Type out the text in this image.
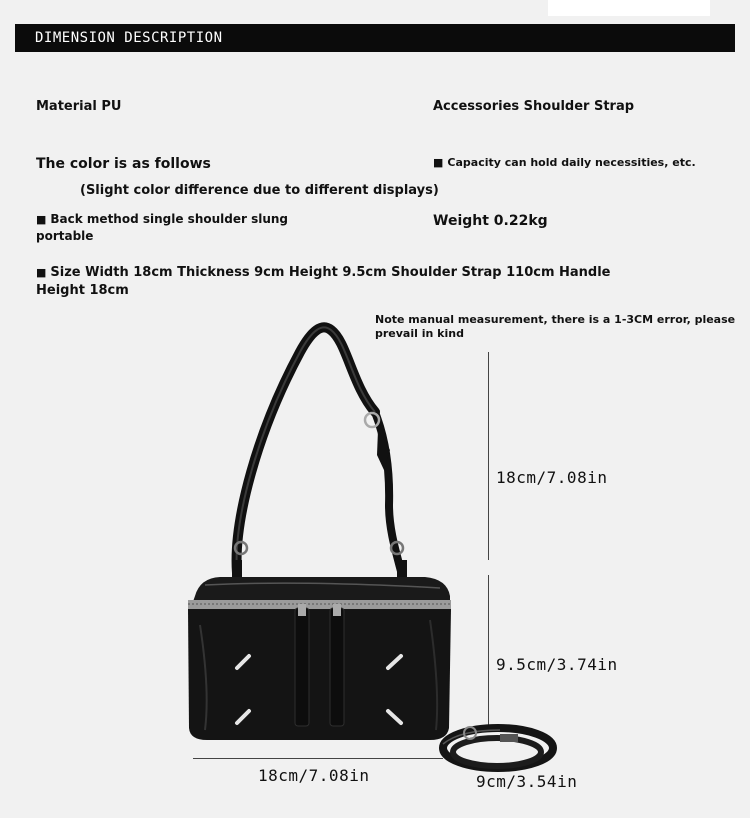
DIMENSION DESCRIPTION
Material PU	Accessories Shoulder Strap
The color is as follows
(Slight color difference due to different displays)
■ Capacity can hold daily necessities, etc.
■ Back method single shoulder slung
portable
Weight 0.22kg
■ Size Width 18cm Thickness 9cm Height 9.5cm Shoulder Strap 110cm Handle
Height 18cm
Note manual measurement, there is a 1-3CM error, please
prevail in kind
18cm/7.08in
9.5cm/3.74in
18cm/7.08in	9cm/3.54in
